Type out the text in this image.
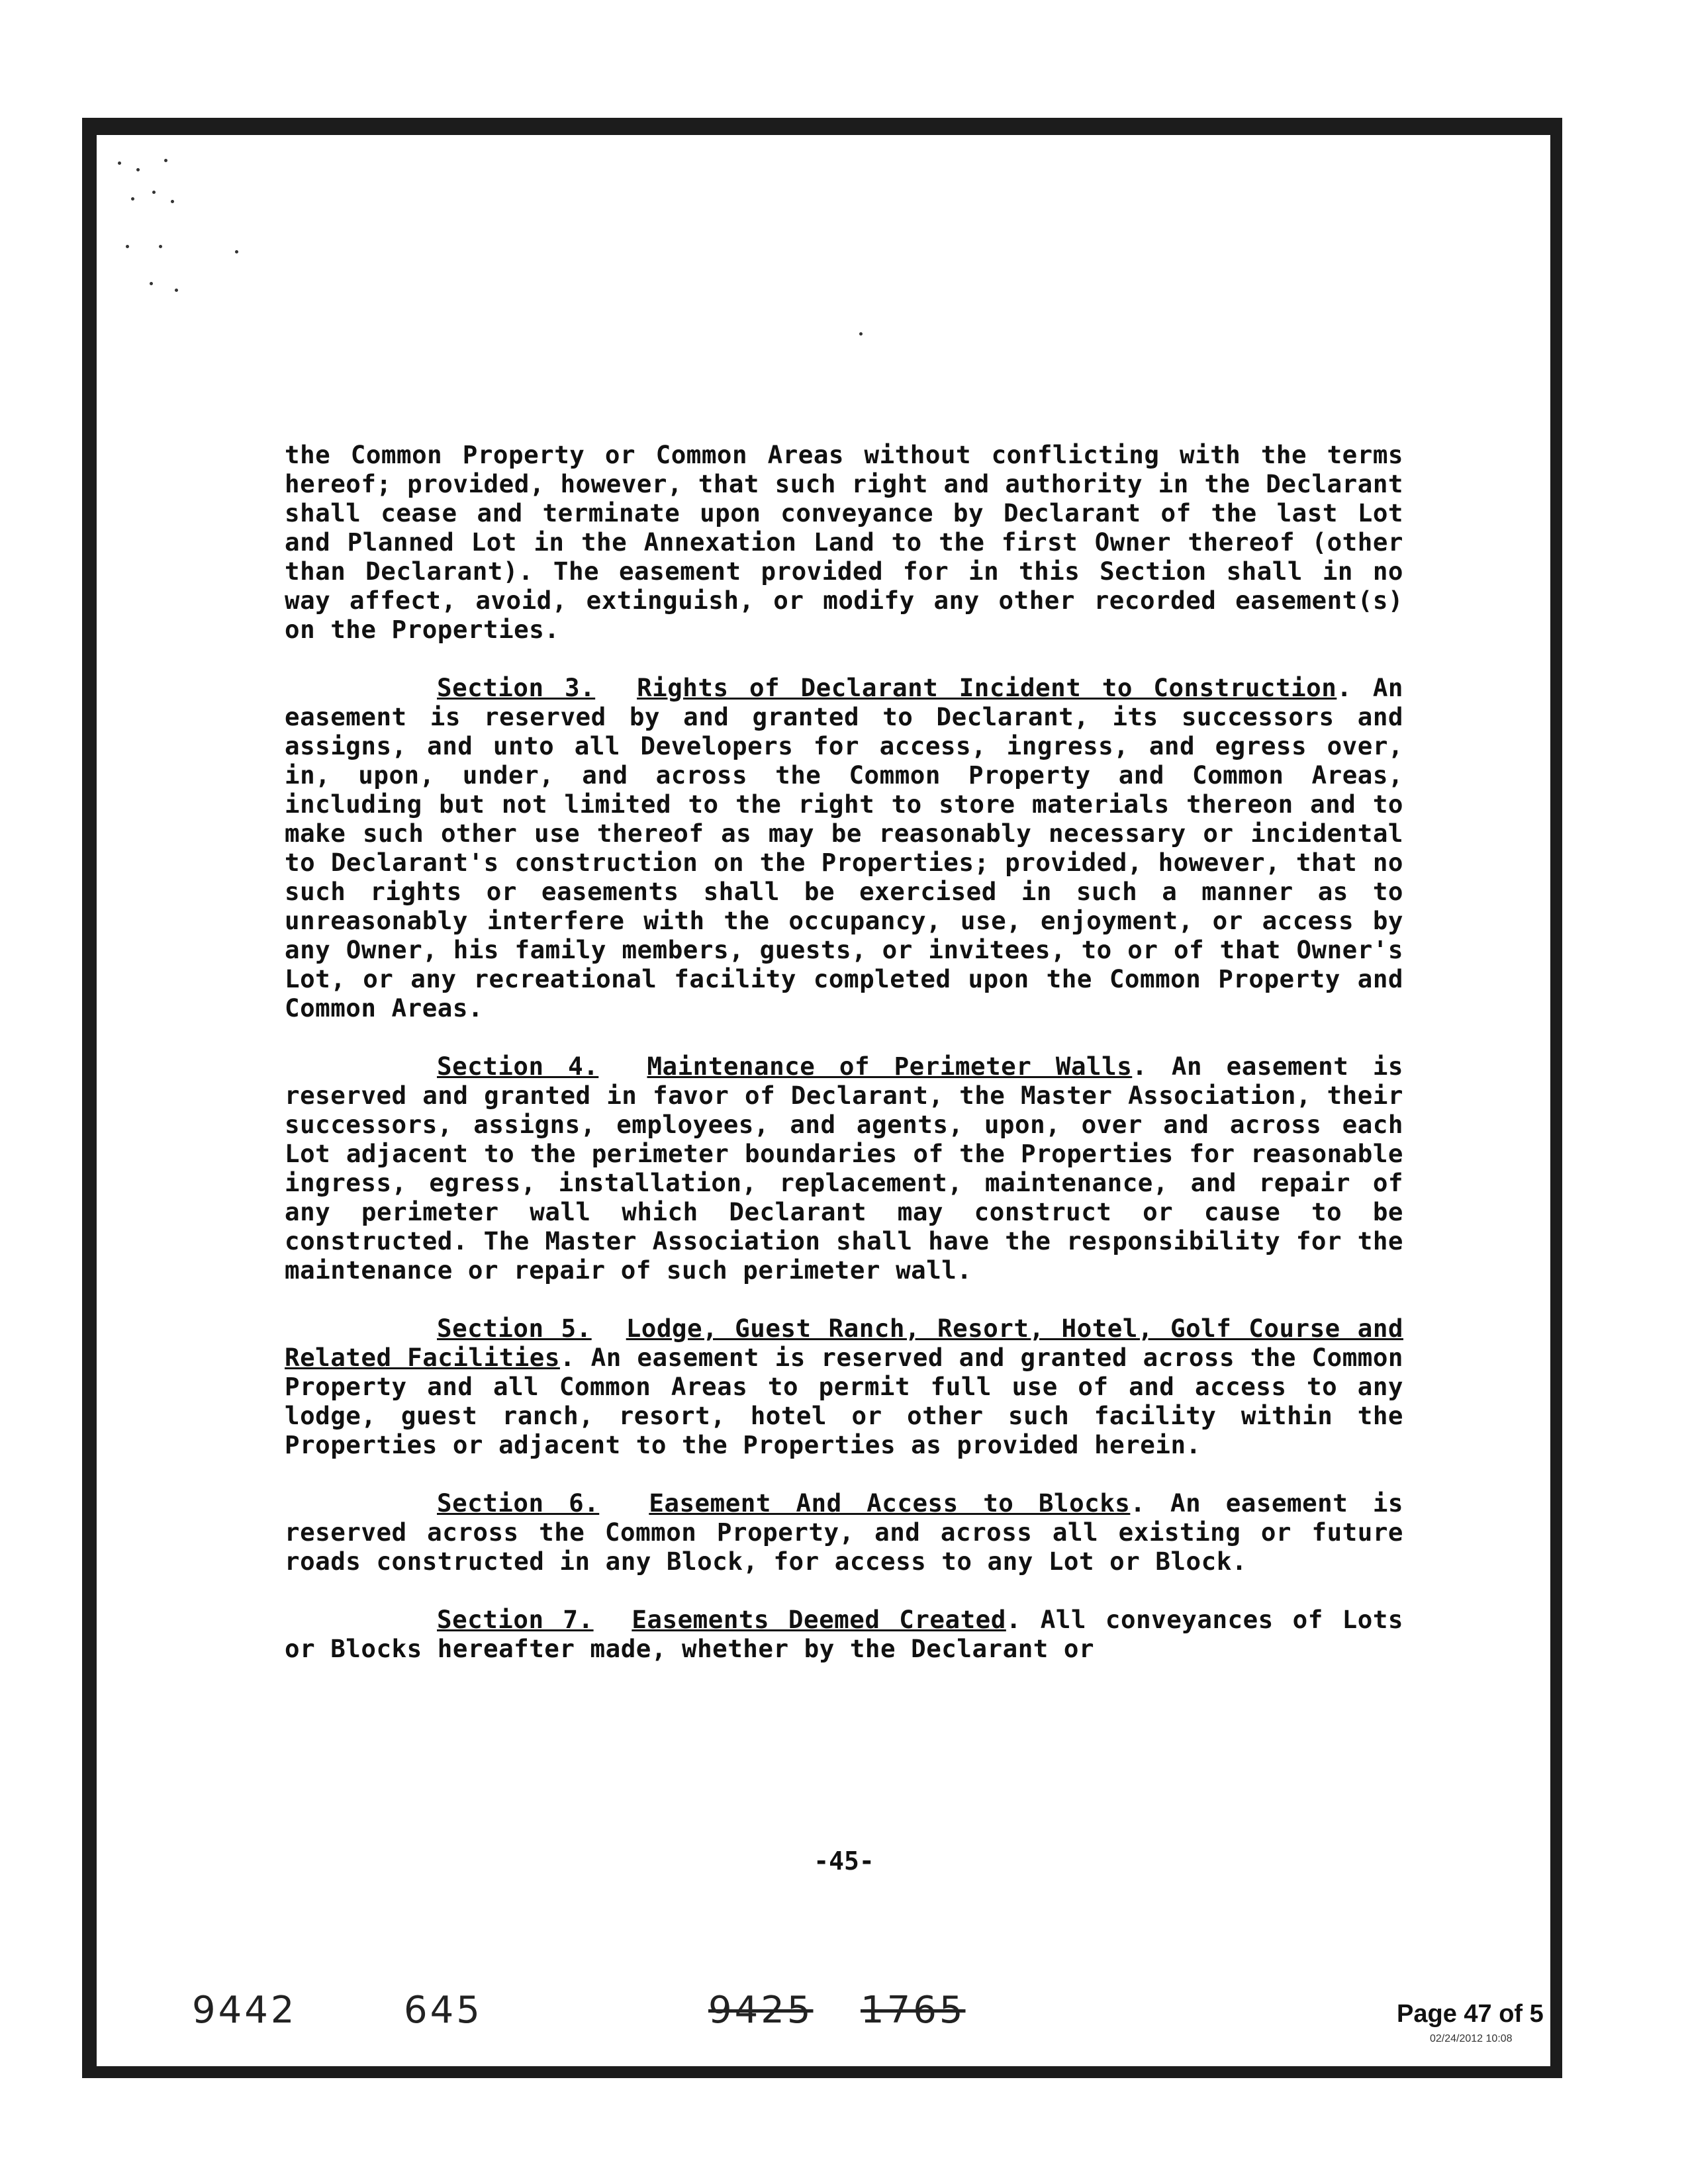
the Common Property or Common Areas without conflicting with the terms hereof; provided, however, that such right and authority in the Declarant shall cease and terminate upon conveyance by Declarant of the last Lot and Planned Lot in the Annexation Land to the first Owner thereof (other than Declarant). The easement provided for in this Section shall in no way affect, avoid, extinguish, or modify any other recorded easement(s) on the Properties.

Section 3. Rights of Declarant Incident to Construction. An easement is reserved by and granted to Declarant, its successors and assigns, and unto all Developers for access, ingress, and egress over, in, upon, under, and across the Common Property and Common Areas, including but not limited to the right to store materials thereon and to make such other use thereof as may be reasonably necessary or incidental to Declarant's construction on the Properties; provided, however, that no such rights or easements shall be exercised in such a manner as to unreasonably interfere with the occupancy, use, enjoyment, or access by any Owner, his family members, guests, or invitees, to or of that Owner's Lot, or any recreational facility completed upon the Common Property and Common Areas.

Section 4. Maintenance of Perimeter Walls. An easement is reserved and granted in favor of Declarant, the Master Association, their successors, assigns, employees, and agents, upon, over and across each Lot adjacent to the perimeter boundaries of the Properties for reasonable ingress, egress, installation, replacement, maintenance, and repair of any perimeter wall which Declarant may construct or cause to be constructed. The Master Association shall have the responsibility for the maintenance or repair of such perimeter wall.

Section 5. Lodge, Guest Ranch, Resort, Hotel, Golf Course and Related Facilities. An easement is reserved and granted across the Common Property and all Common Areas to permit full use of and access to any lodge, guest ranch, resort, hotel or other such facility within the Properties or adjacent to the Properties as provided herein.

Section 6. Easement And Access to Blocks. An easement is reserved across the Common Property, and across all existing or future roads constructed in any Block, for access to any Lot or Block.

Section 7. Easements Deemed Created. All conveyances of Lots or Blocks hereafter made, whether by the Declarant or

-45-
9442	645	9425 1765	Page 47 of 5
02/24/2012 10:08
